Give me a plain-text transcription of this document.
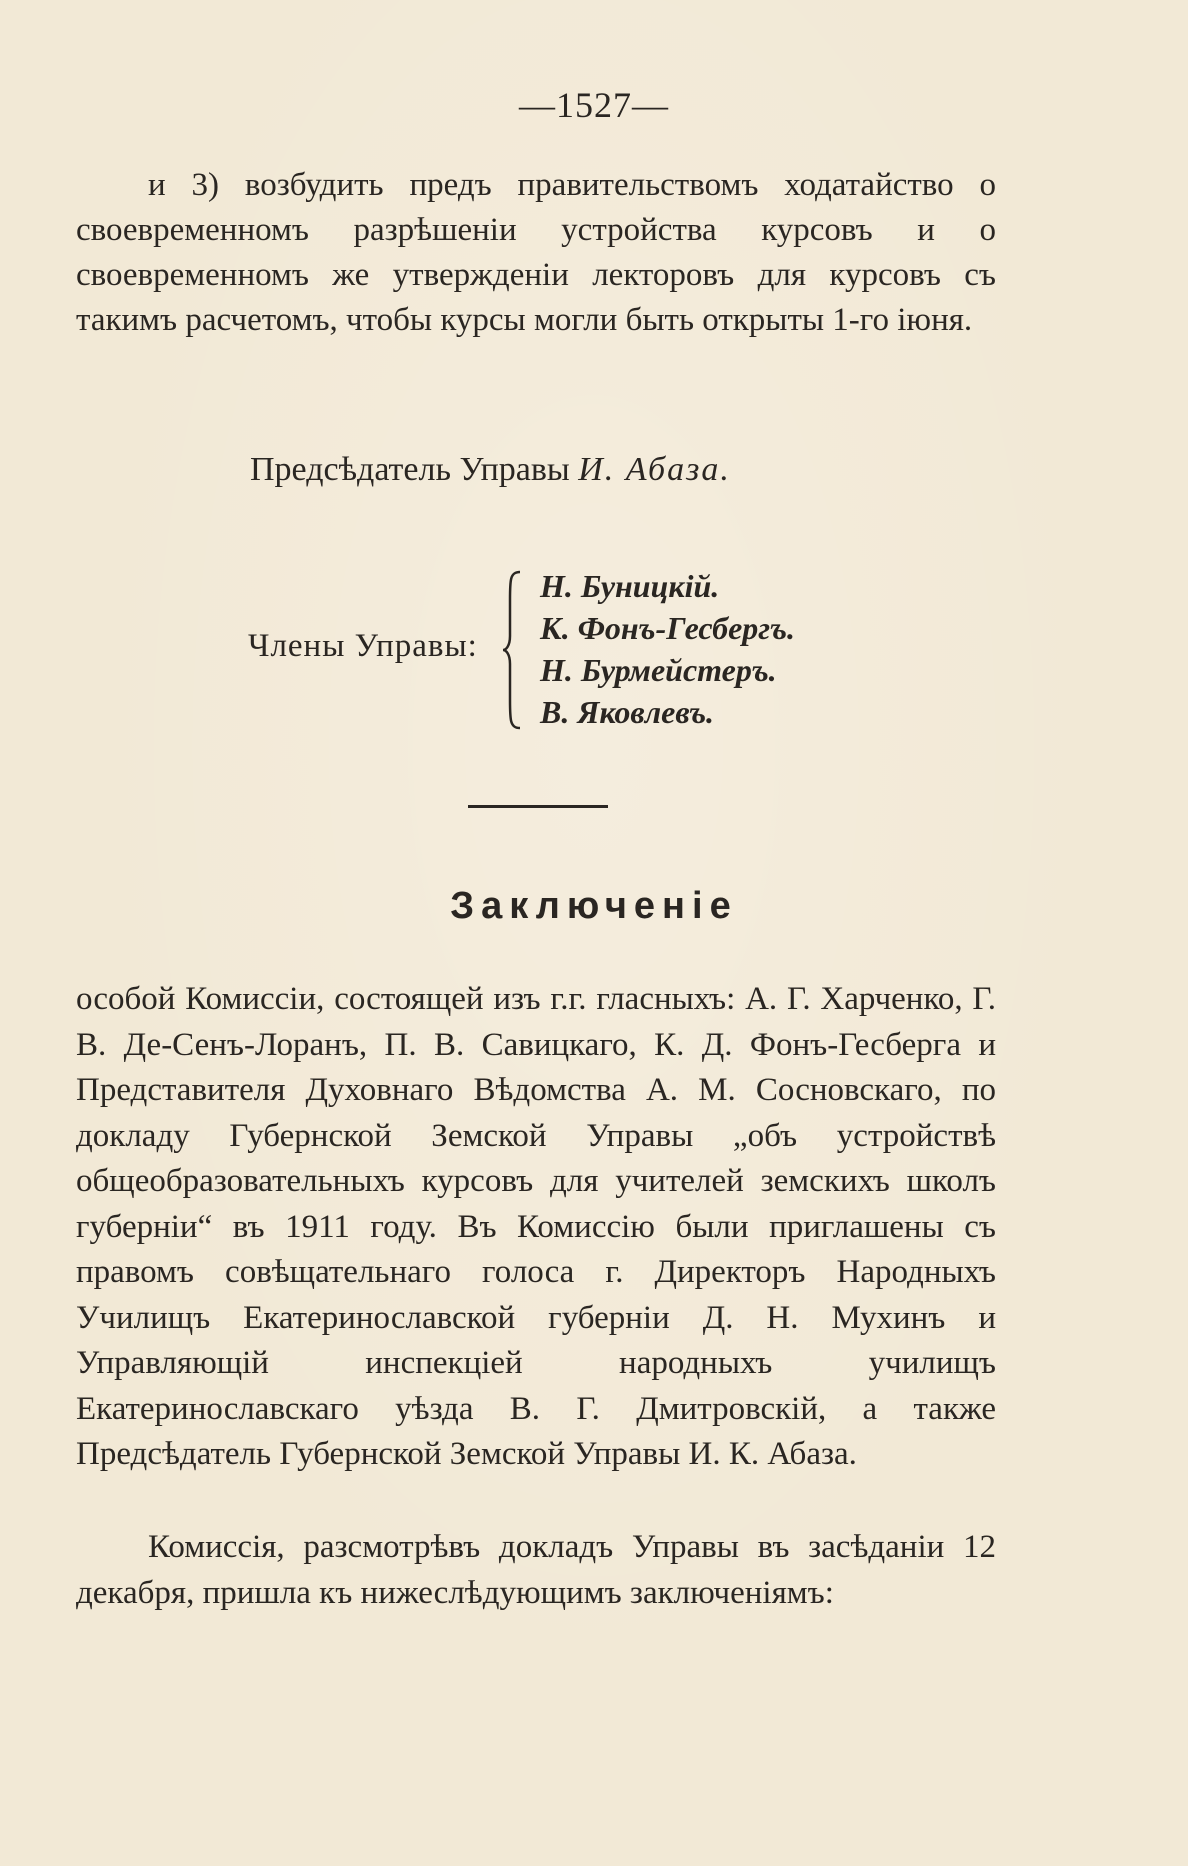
—1527—

и 3) возбудить предъ правительствомъ ходатайство о своевременномъ разрѣшеніи устройства курсовъ и о своевременномъ же утвержденіи лекторовъ для курсовъ съ такимъ расчетомъ, чтобы курсы могли быть открыты 1-го іюня.

Предсѣдатель Управы И. Абаза.
Члены Управы:
Н. Буницкій.
К. Фонъ-Гесбергъ.
Н. Бурмейстеръ.
В. Яковлевъ.
Заключеніе

особой Комиссіи, состоящей изъ г.г. гласныхъ: А. Г. Харченко, Г. В. Де-Сенъ-Лоранъ, П. В. Савицкаго, К. Д. Фонъ-Гесберга и Представителя Духовнаго Вѣдомства А. М. Сосновскаго, по докладу Губернской Земской Управы „объ устройствѣ общеобразовательныхъ курсовъ для учителей земскихъ школъ губерніи“ въ 1911 году. Въ Комиссію были приглашены съ правомъ совѣщательнаго голоса г. Директоръ Народныхъ Училищъ Екатеринославской губерніи Д. Н. Мухинъ и Управляющій инспекціей народныхъ училищъ Екатеринославскаго уѣзда В. Г. Дмитровскій, а также Предсѣдатель Губернской Земской Управы И. К. Абаза.

Комиссія, разсмотрѣвъ докладъ Управы въ засѣданіи 12 декабря, пришла къ нижеслѣдующимъ заключеніямъ:
